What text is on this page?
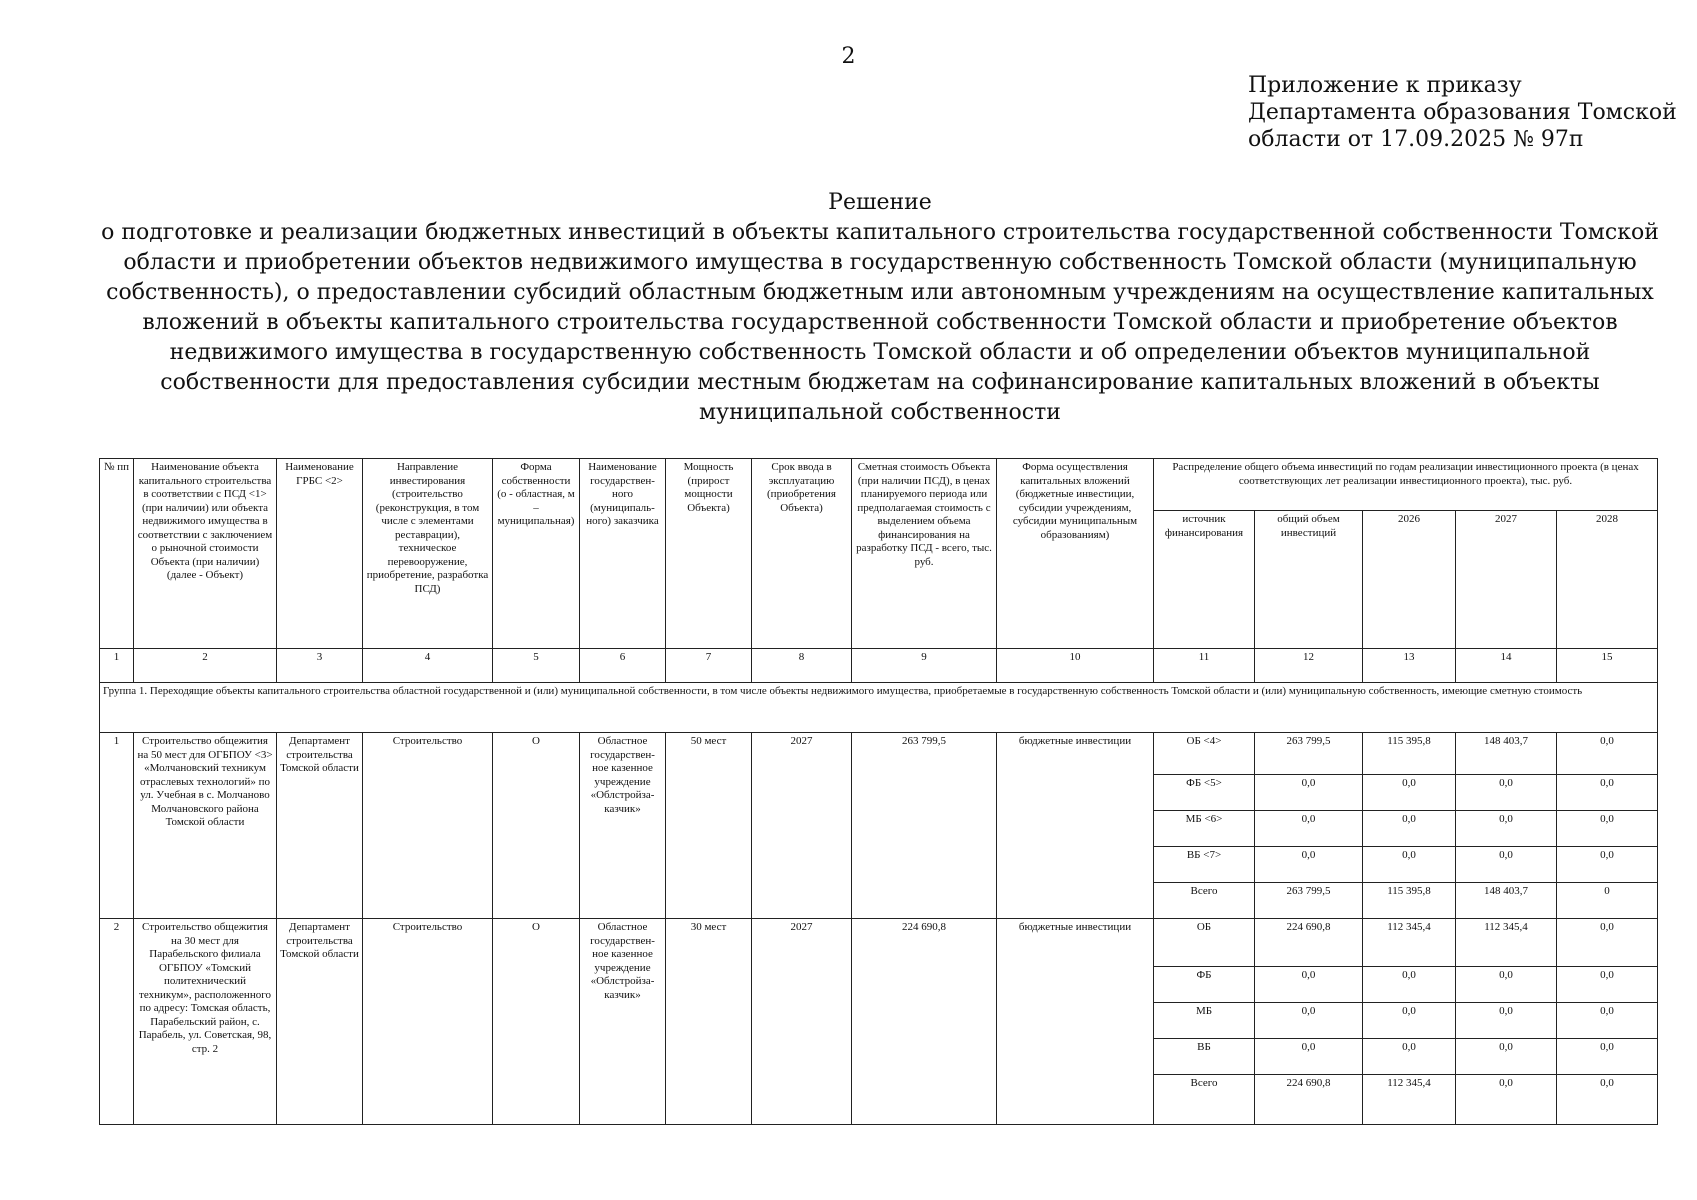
2
Приложение к приказу
Департамента образования Томской
области от 17.09.2025 № 97п
Решение
о подготовке и реализации бюджетных инвестиций в объекты капитального строительства государственной собственности Томской
области и приобретении объектов недвижимого имущества в государственную собственность Томской области (муниципальную
собственность), о предоставлении субсидий областным бюджетным или автономным учреждениям на осуществление капитальных
вложений в объекты капитального строительства государственной собственности Томской области и приобретение объектов
недвижимого имущества в государственную собственность Томской области и об определении объектов муниципальной
собственности для предоставления субсидии местным бюджетам на софинансирование капитальных вложений в объекты
муниципальной собственности
№ пп	Наименование объекта капитального строительства в соответствии с ПСД <1> (при наличии) или объекта недвижимого имущества в соответствии с заключением о рыночной стоимости Объекта (при наличии) (далее - Объект)	Наименование ГРБС <2>	Направление инвестирования (строительство (реконструкция, в том числе с элементами реставрации), техническое перевооружение, приобретение, разработка ПСД)	Форма собственности (о - областная, м – муниципальная)	Наименование государствен-ного (муниципаль-ного) заказчика	Мощность (прирост мощности Объекта)	Срок ввода в эксплуатацию (приобретения Объекта)	Сметная стоимость Объекта (при наличии ПСД), в ценах планируемого периода или предполагаемая стоимость с выделением объема финансирования на разработку ПСД - всего, тыс. руб.	Форма осуществления капитальных вложений (бюджетные инвестиции, субсидии учреждениям, субсидии муниципальным образованиям)	Распределение общего объема инвестиций по годам реализации инвестиционного проекта (в ценах соответствующих лет реализации инвестиционного проекта), тыс. руб.				
										источник финансирования	общий объем инвестиций	2026	2027	2028
1	2	3	4	5	6	7	8	9	10	11	12	13	14	15
Группа 1. Переходящие объекты капитального строительства областной государственной и (или) муниципальной собственности, в том числе объекты недвижимого имущества, приобретаемые в государственную собственность Томской области и (или) муниципальную собственность, имеющие сметную стоимость														
1	Строительство общежития на 50 мест для ОГБПОУ <3> «Молчановский техникум отраслевых технологий» по ул. Учебная в с. Молчаново Молчановского района Томской области	Департамент строительства Томской области	Строительство	О	Областное государствен-ное казенное учреждение «Облстройза-казчик»	50 мест	2027	263 799,5	бюджетные инвестиции	ОБ <4>	263 799,5	115 395,8	148 403,7	0,0
										ФБ <5>	0,0	0,0	0,0	0,0
										МБ <6>	0,0	0,0	0,0	0,0
										ВБ <7>	0,0	0,0	0,0	0,0
										Всего	263 799,5	115 395,8	148 403,7	0
2	Строительство общежития на 30 мест для Парабельского филиала ОГБПОУ «Томский политехнический техникум», расположенного по адресу: Томская область, Парабельский район, с. Парабель, ул. Советская, 98, стр. 2	Департамент строительства Томской области	Строительство	О	Областное государствен-ное казенное учреждение «Облстройза-казчик»	30 мест	2027	224 690,8	бюджетные инвестиции	ОБ	224 690,8	112 345,4	112 345,4	0,0
										ФБ	0,0	0,0	0,0	0,0
										МБ	0,0	0,0	0,0	0,0
										ВБ	0,0	0,0	0,0	0,0
										Всего	224 690,8	112 345,4	0,0	0,0
